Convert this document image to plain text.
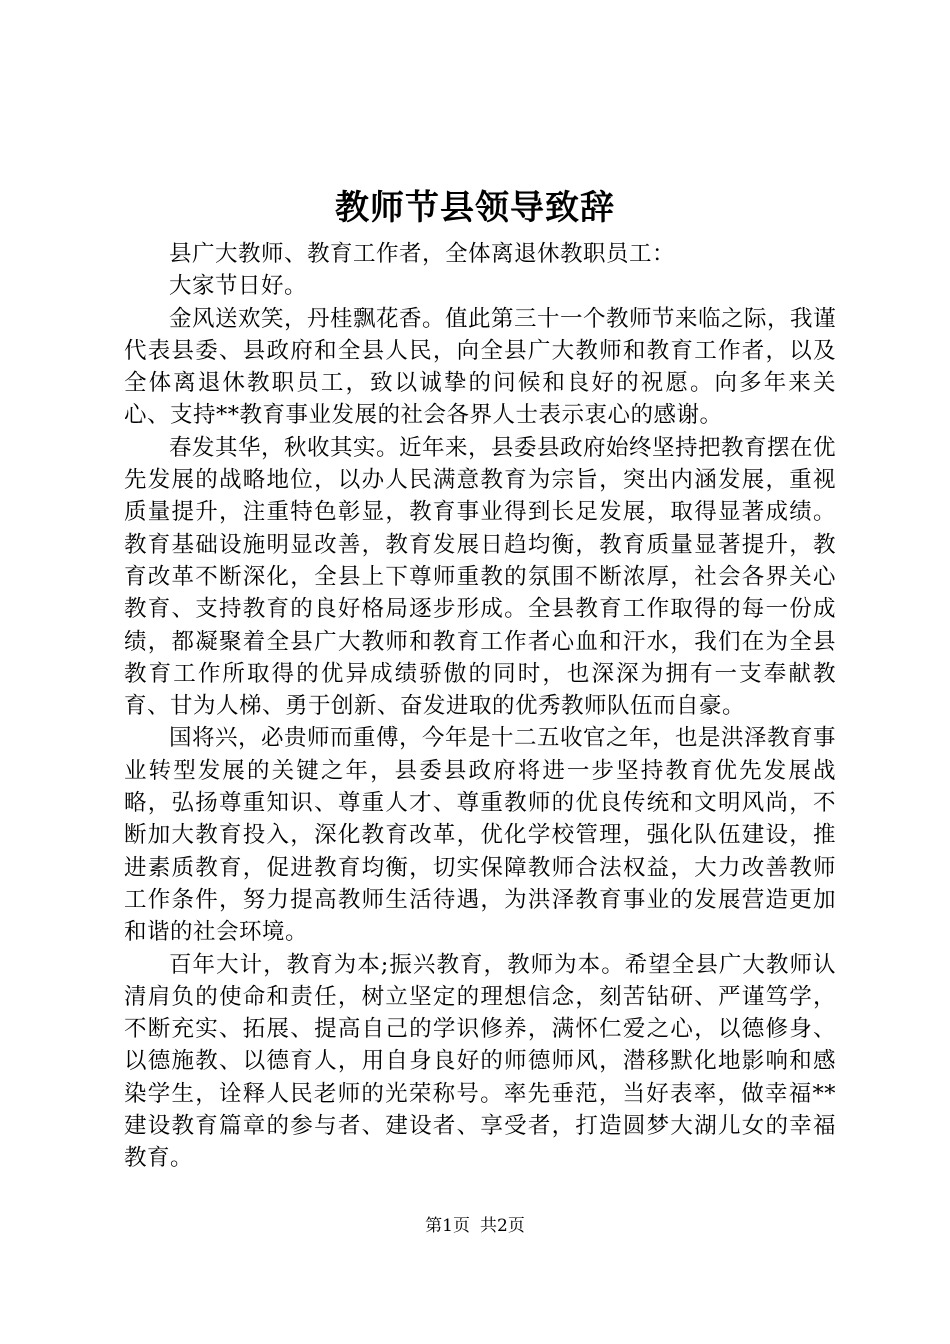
教师节县领导致辞

县广大教师、教育工作者，全体离退休教职员工：

大家节日好。

金风送欢笑，丹桂飘花香。值此第三十一个教师节来临之际，我谨代表县委、县政府和全县人民，向全县广大教师和教育工作者，以及全体离退休教职员工，致以诚挚的问候和良好的祝愿。向多年来关心、支持**教育事业发展的社会各界人士表示衷心的感谢。

春发其华，秋收其实。近年来，县委县政府始终坚持把教育摆在优先发展的战略地位，以办人民满意教育为宗旨，突出内涵发展，重视质量提升，注重特色彰显，教育事业得到长足发展，取得显著成绩。教育基础设施明显改善，教育发展日趋均衡，教育质量显著提升，教育改革不断深化，全县上下尊师重教的氛围不断浓厚，社会各界关心教育、支持教育的良好格局逐步形成。全县教育工作取得的每一份成绩，都凝聚着全县广大教师和教育工作者心血和汗水，我们在为全县教育工作所取得的优异成绩骄傲的同时，也深深为拥有一支奉献教育、甘为人梯、勇于创新、奋发进取的优秀教师队伍而自豪。

国将兴，必贵师而重傅，今年是十二五收官之年，也是洪泽教育事业转型发展的关键之年，县委县政府将进一步坚持教育优先发展战略，弘扬尊重知识、尊重人才、尊重教师的优良传统和文明风尚，不断加大教育投入，深化教育改革，优化学校管理，强化队伍建设，推进素质教育，促进教育均衡，切实保障教师合法权益，大力改善教师工作条件，努力提高教师生活待遇，为洪泽教育事业的发展营造更加和谐的社会环境。

百年大计，教育为本;振兴教育，教师为本。希望全县广大教师认清肩负的使命和责任，树立坚定的理想信念，刻苦钻研、严谨笃学，不断充实、拓展、提高自己的学识修养，满怀仁爱之心，以德修身、以德施教、以德育人，用自身良好的师德师风，潜移默化地影响和感染学生，诠释人民老师的光荣称号。率先垂范，当好表率，做幸福**建设教育篇章的参与者、建设者、享受者，打造圆梦大湖儿女的幸福教育。

第1页 共2页
